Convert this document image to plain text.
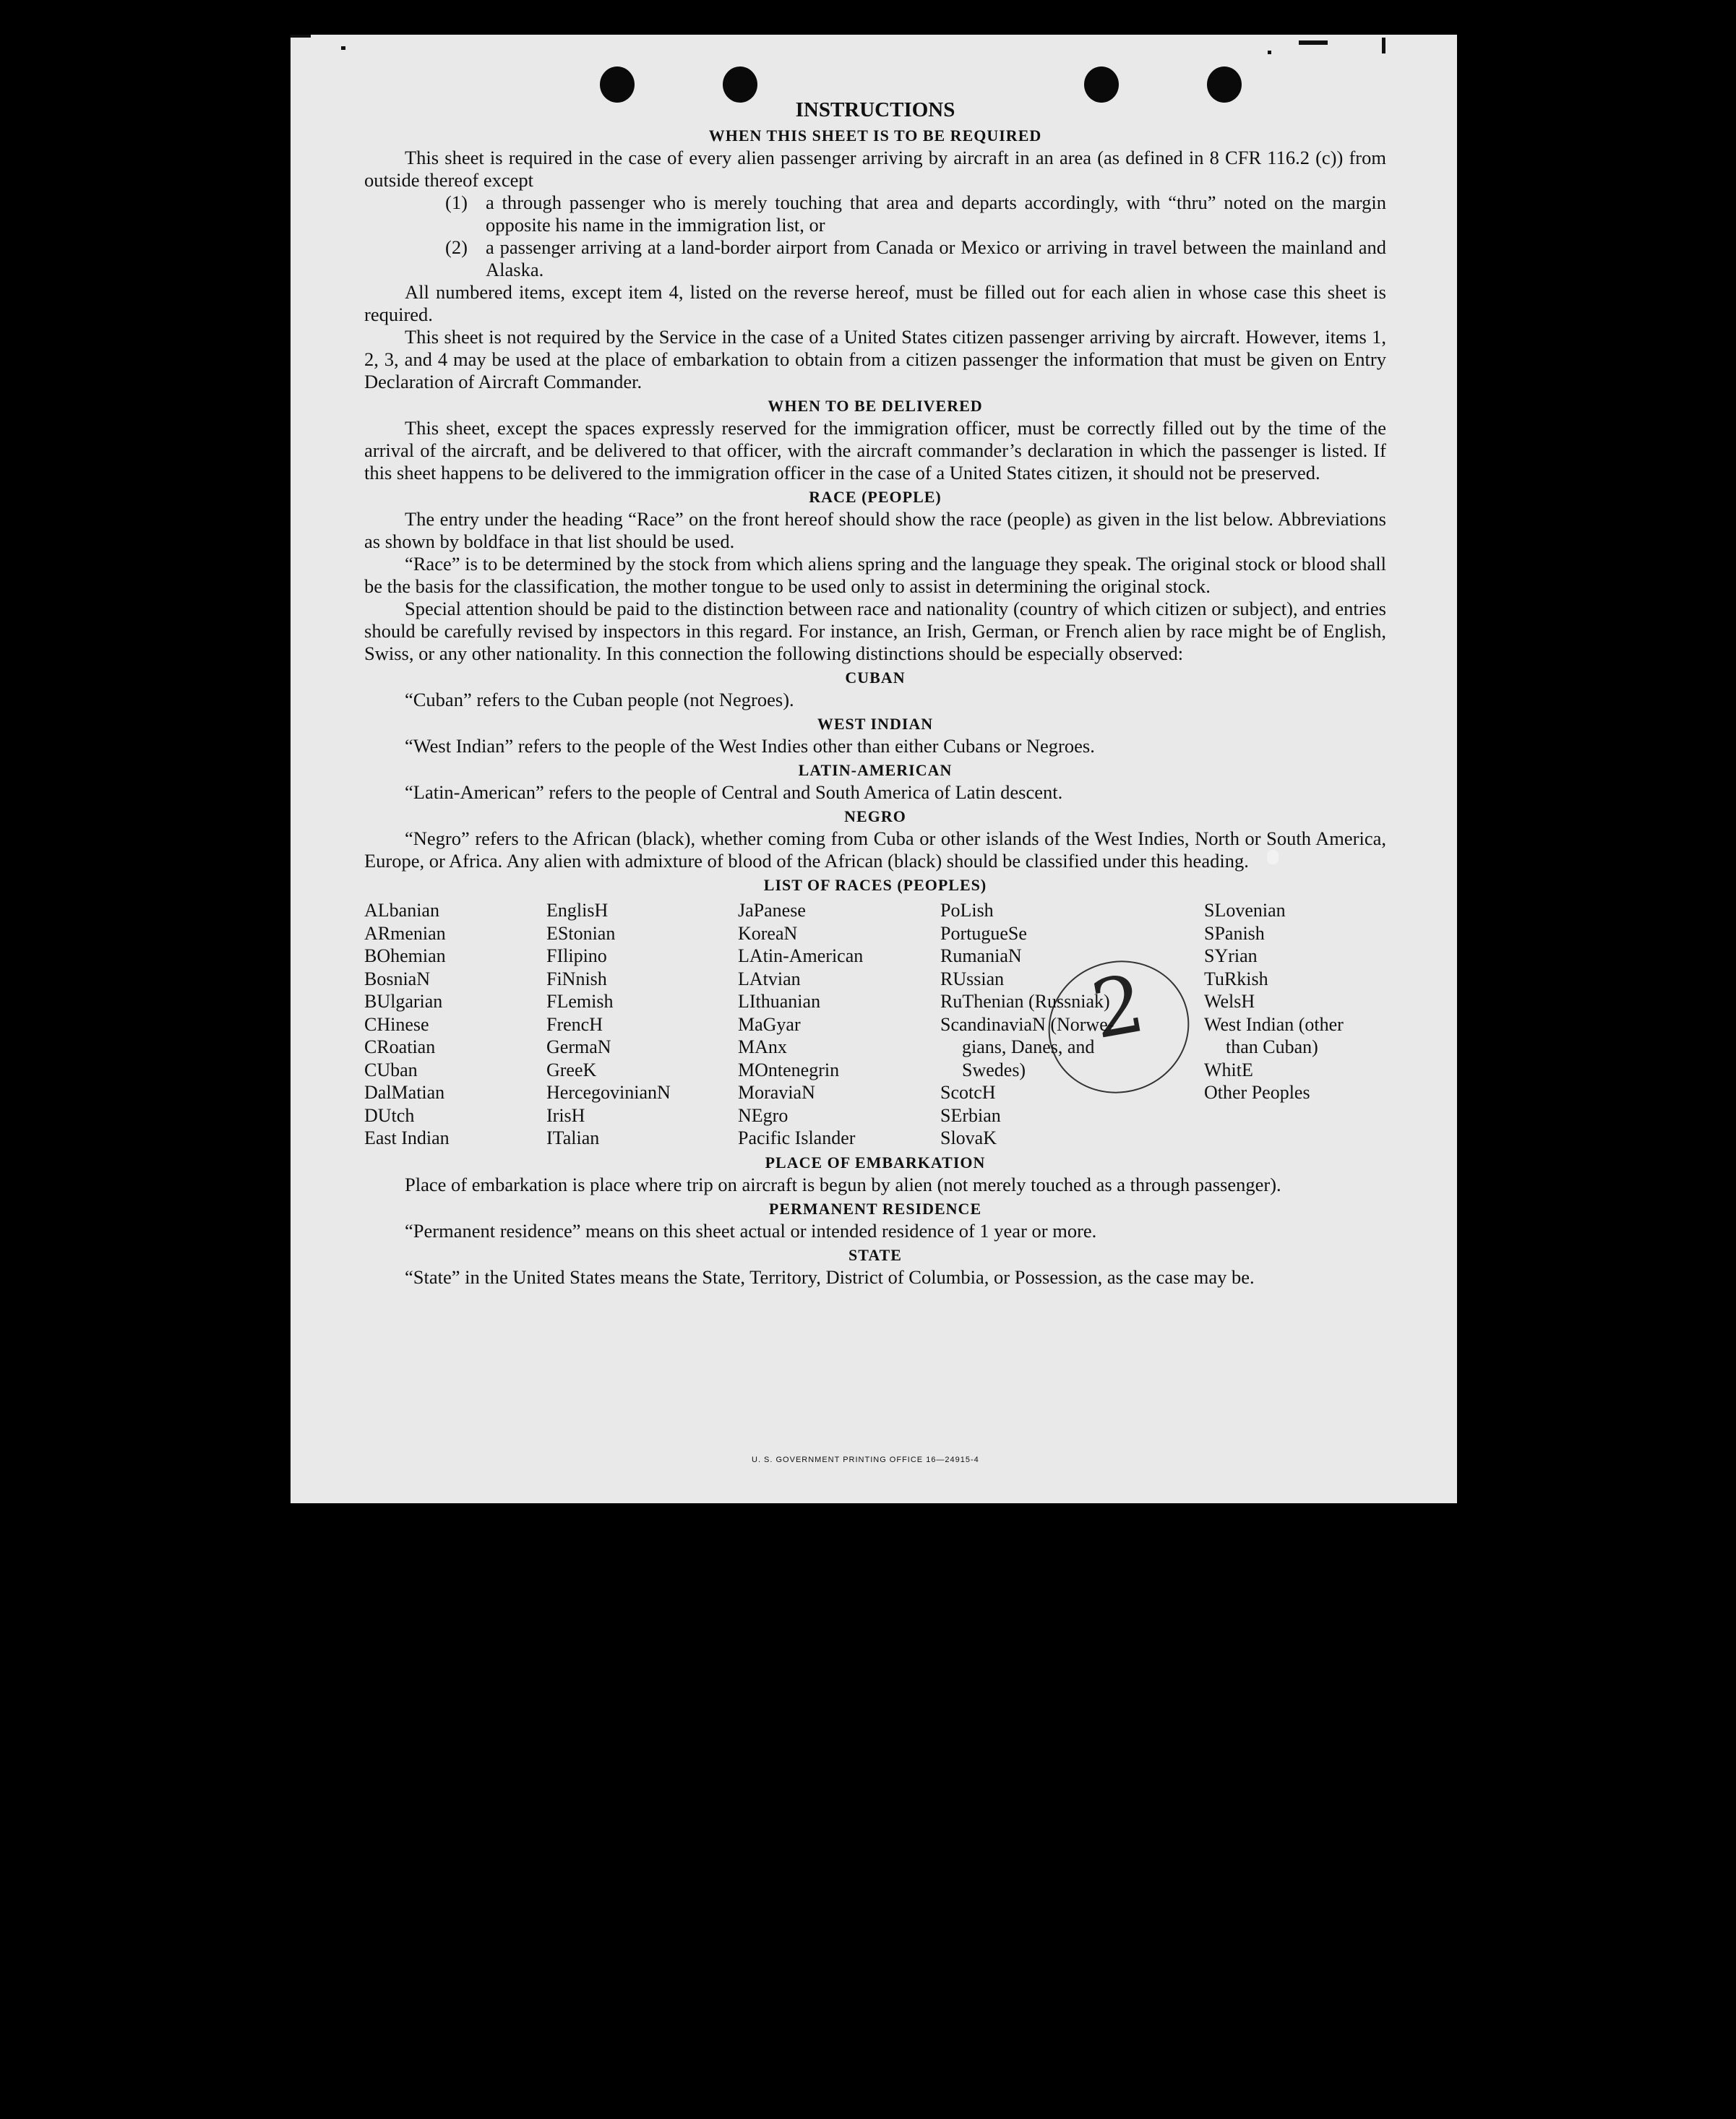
2
INSTRUCTIONS
WHEN THIS SHEET IS TO BE REQUIRED

This sheet is required in the case of every alien passenger arriving by aircraft in an area (as defined in 8 CFR 116.2 (c)) from outside thereof except

(1) a through passenger who is merely touching that area and departs accordingly, with “thru” noted on the margin opposite his name in the immigration list, or
(2) a passenger arriving at a land-border airport from Canada or Mexico or arriving in travel between the mainland and Alaska.

All numbered items, except item 4, listed on the reverse hereof, must be filled out for each alien in whose case this sheet is required.

This sheet is not required by the Service in the case of a United States citizen passenger arriving by aircraft. However, items 1, 2, 3, and 4 may be used at the place of embarkation to obtain from a citizen passenger the information that must be given on Entry Declaration of Aircraft Commander.

WHEN TO BE DELIVERED

This sheet, except the spaces expressly reserved for the immigration officer, must be correctly filled out by the time of the arrival of the aircraft, and be delivered to that officer, with the aircraft commander’s declaration in which the passenger is listed. If this sheet happens to be delivered to the immigration officer in the case of a United States citizen, it should not be preserved.

RACE (PEOPLE)

The entry under the heading “Race” on the front hereof should show the race (people) as given in the list below. Abbreviations as shown by boldface in that list should be used.

“Race” is to be determined by the stock from which aliens spring and the language they speak. The original stock or blood shall be the basis for the classification, the mother tongue to be used only to assist in determining the original stock.

Special attention should be paid to the distinction between race and nationality (country of which citizen or subject), and entries should be carefully revised by inspectors in this regard. For instance, an Irish, German, or French alien by race might be of English, Swiss, or any other nationality. In this connection the following distinctions should be especially observed:

CUBAN

“Cuban” refers to the Cuban people (not Negroes).

WEST INDIAN

“West Indian” refers to the people of the West Indies other than either Cubans or Negroes.

LATIN-AMERICAN

“Latin-American” refers to the people of Central and South America of Latin descent.

NEGRO

“Negro” refers to the African (black), whether coming from Cuba or other islands of the West Indies, North or South America, Europe, or Africa. Any alien with admixture of blood of the African (black) should be classified under this heading.

LIST OF RACES (PEOPLES)
ALbanian
ARmenian
BOhemian
BosniaN
BUlgarian
CHinese
CRoatian
CUban
DalMatian
DUtch
East Indian
EnglisH
EStonian
FIlipino
FiNnish
FLemish
FrencH
GermaN
GreeK
HercegovinianN
IrisH
ITalian
JaPanese
KoreaN
LAtin-American
LAtvian
LIthuanian
MaGyar
MAnx
MOntenegrin
MoraviaN
NEgro
Pacific Islander
PoLish
PortugueSe
RumaniaN
RUssian
RuThenian (Russniak)
ScandinaviaN (Norwe-
gians, Danes, and
Swedes)
ScotcH
SErbian
SlovaK
SLovenian
SPanish
SYrian
TuRkish
WelsH
West Indian (other
than Cuban)
WhitE
Other Peoples
PLACE OF EMBARKATION

Place of embarkation is place where trip on aircraft is begun by alien (not merely touched as a through passenger).

PERMANENT RESIDENCE

“Permanent residence” means on this sheet actual or intended residence of 1 year or more.

STATE

“State” in the United States means the State, Territory, District of Columbia, or Possession, as the case may be.

U. S. GOVERNMENT PRINTING OFFICE 16—24915-4
